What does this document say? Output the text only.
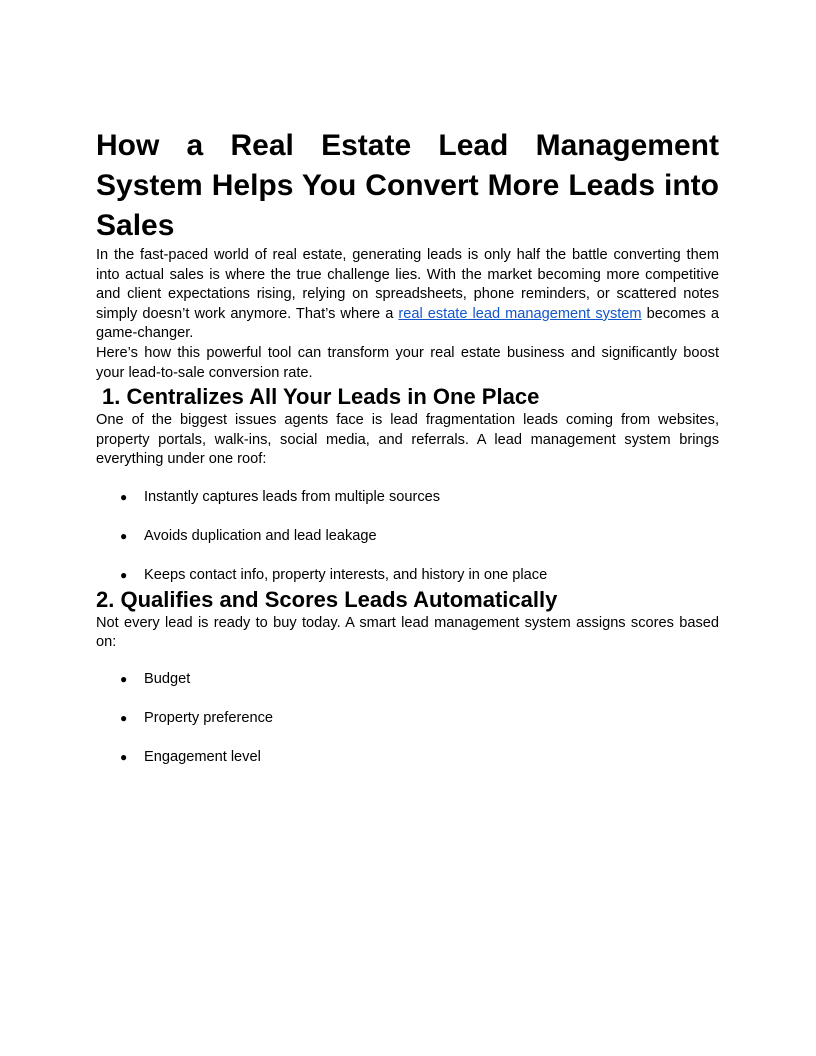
How a Real Estate Lead Management System Helps You Convert More Leads into Sales

In the fast-paced world of real estate, generating leads is only half the battle converting them into actual sales is where the true challenge lies. With the market becoming more competitive and client expectations rising, relying on spreadsheets, phone reminders, or scattered notes simply doesn’t work anymore. That’s where a real estate lead management system becomes a game-changer.

Here’s how this powerful tool can transform your real estate business and significantly boost your lead-to-sale conversion rate.

1. Centralizes All Your Leads in One Place

One of the biggest issues agents face is lead fragmentation leads coming from websites, property portals, walk-ins, social media, and referrals. A lead management system brings everything under one roof:

● Instantly captures leads from multiple sources
● Avoids duplication and lead leakage
● Keeps contact info, property interests, and history in one place
2. Qualifies and Scores Leads Automatically

Not every lead is ready to buy today. A smart lead management system assigns scores based on:

● Budget
● Property preference
● Engagement level
